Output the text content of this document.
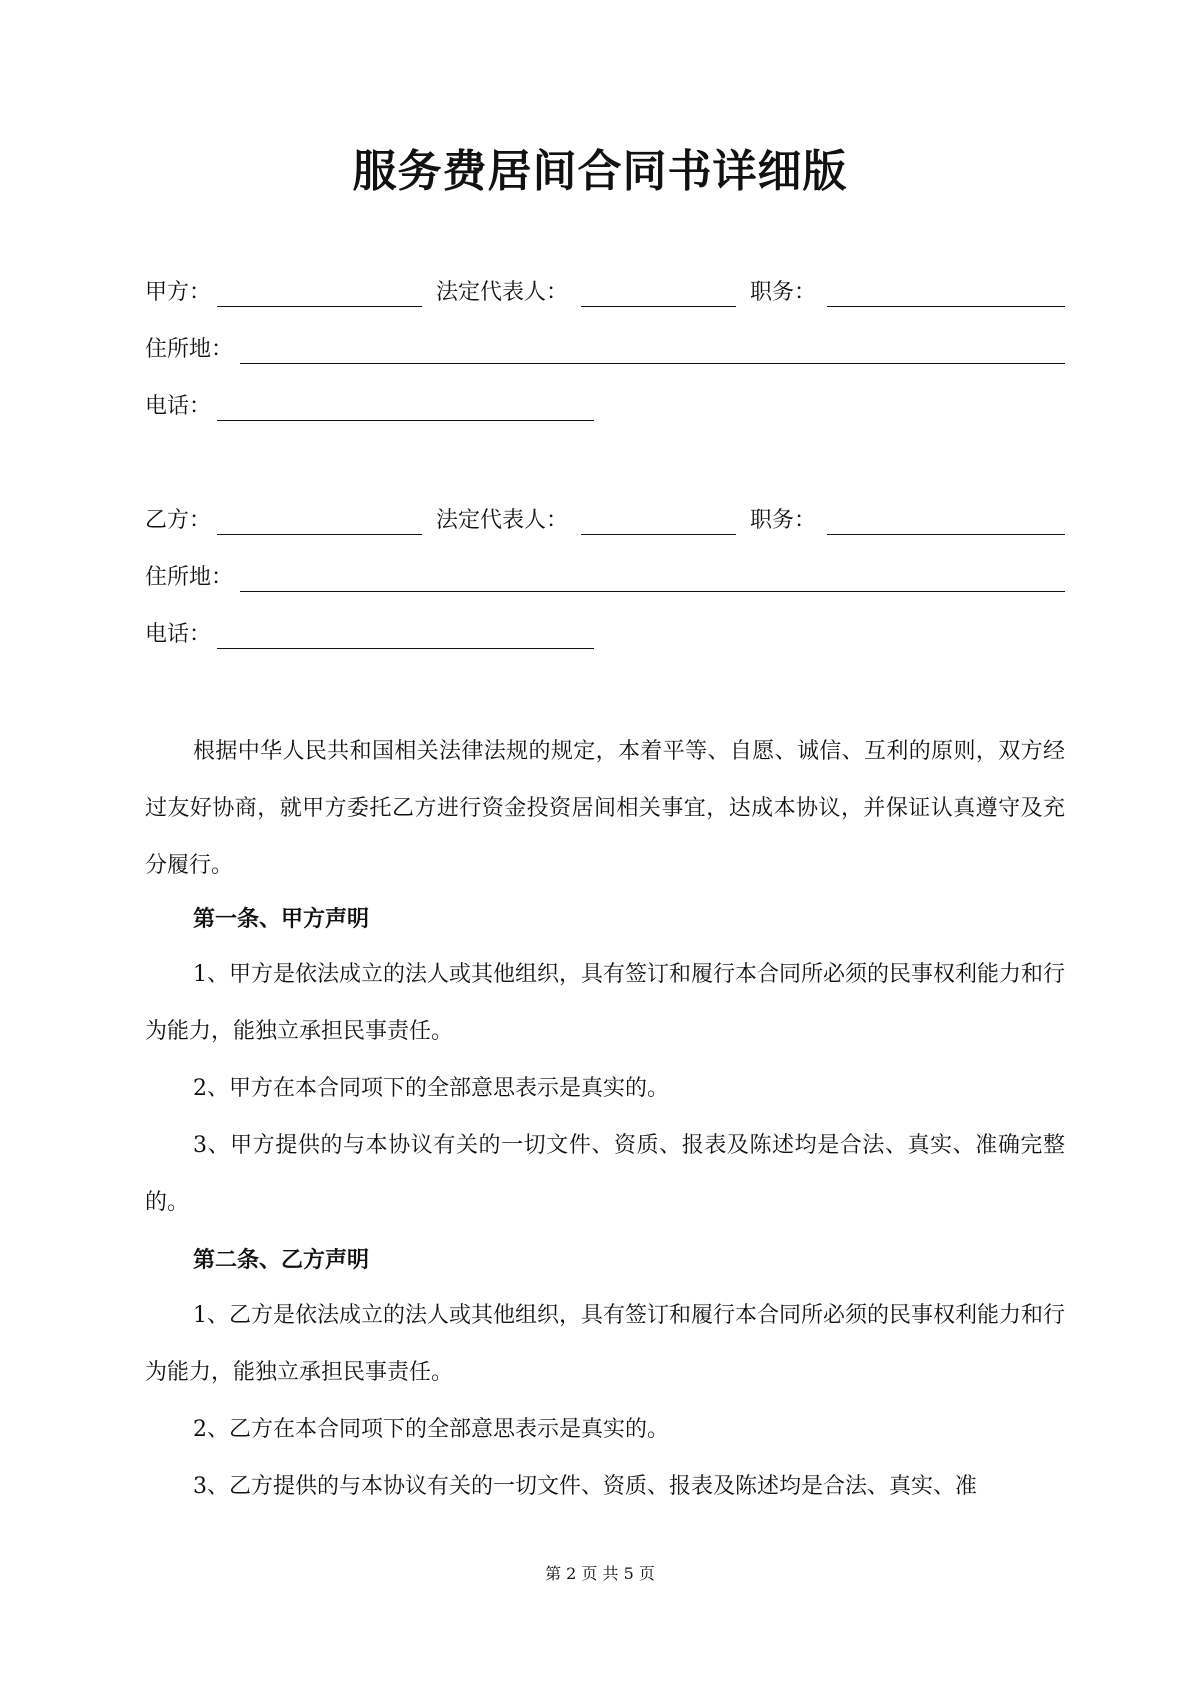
服务费居间合同书详细版
甲方：	法定代表人：	职务：
住所地：
电话：
乙方：	法定代表人：	职务：
住所地：
电话：

根据中华人民共和国相关法律法规的规定，本着平等、自愿、诚信、互利的原则，双方经过友好协商，就甲方委托乙方进行资金投资居间相关事宜，达成本协议，并保证认真遵守及充分履行。

第一条、甲方声明

1、甲方是依法成立的法人或其他组织，具有签订和履行本合同所必须的民事权利能力和行为能力，能独立承担民事责任。

2、甲方在本合同项下的全部意思表示是真实的。

3、甲方提供的与本协议有关的一切文件、资质、报表及陈述均是合法、真实、准确完整的。

第二条、乙方声明

1、乙方是依法成立的法人或其他组织，具有签订和履行本合同所必须的民事权利能力和行为能力，能独立承担民事责任。

2、乙方在本合同项下的全部意思表示是真实的。

3、乙方提供的与本协议有关的一切文件、资质、报表及陈述均是合法、真实、准

第 2 页 共 5 页
